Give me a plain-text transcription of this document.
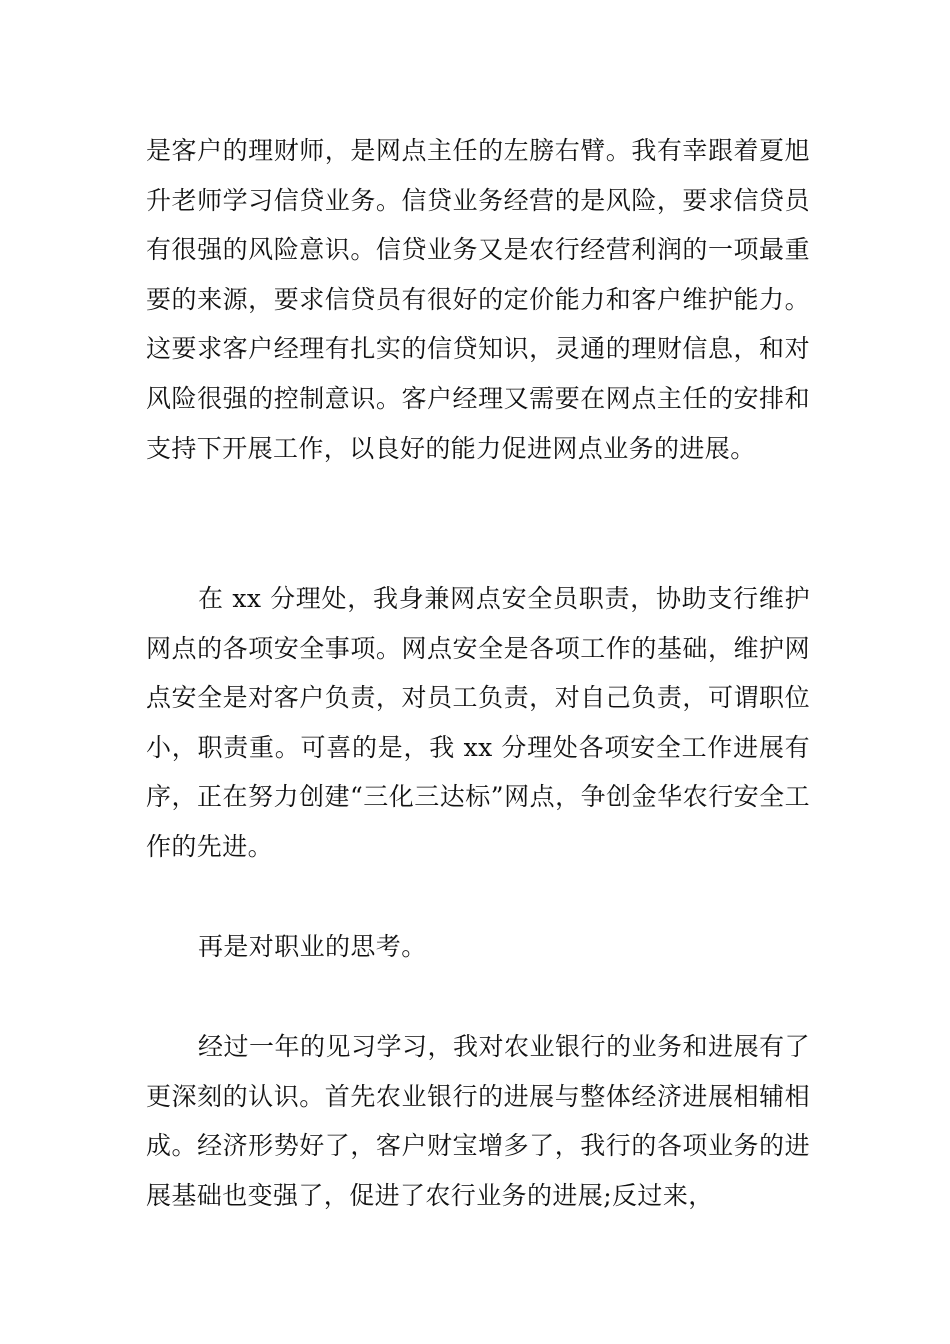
是客户的理财师，是网点主任的左膀右臂。我有幸跟着夏旭升老师学习信贷业务。信贷业务经营的是风险，要求信贷员有很强的风险意识。信贷业务又是农行经营利润的一项最重要的来源，要求信贷员有很好的定价能力和客户维护能力。这要求客户经理有扎实的信贷知识，灵通的理财信息，和对风险很强的控制意识。客户经理又需要在网点主任的安排和支持下开展工作，以良好的能力促进网点业务的进展。

在 xx 分理处，我身兼网点安全员职责，协助支行维护网点的各项安全事项。网点安全是各项工作的基础，维护网点安全是对客户负责，对员工负责，对自己负责，可谓职位小，职责重。可喜的是，我 xx 分理处各项安全工作进展有序，正在努力创建“三化三达标”网点，争创金华农行安全工作的先进。

再是对职业的思考。

经过一年的见习学习，我对农业银行的业务和进展有了更深刻的认识。首先农业银行的进展与整体经济进展相辅相成。经济形势好了，客户财宝增多了，我行的各项业务的进展基础也变强了，促进了农行业务的进展;反过来，
